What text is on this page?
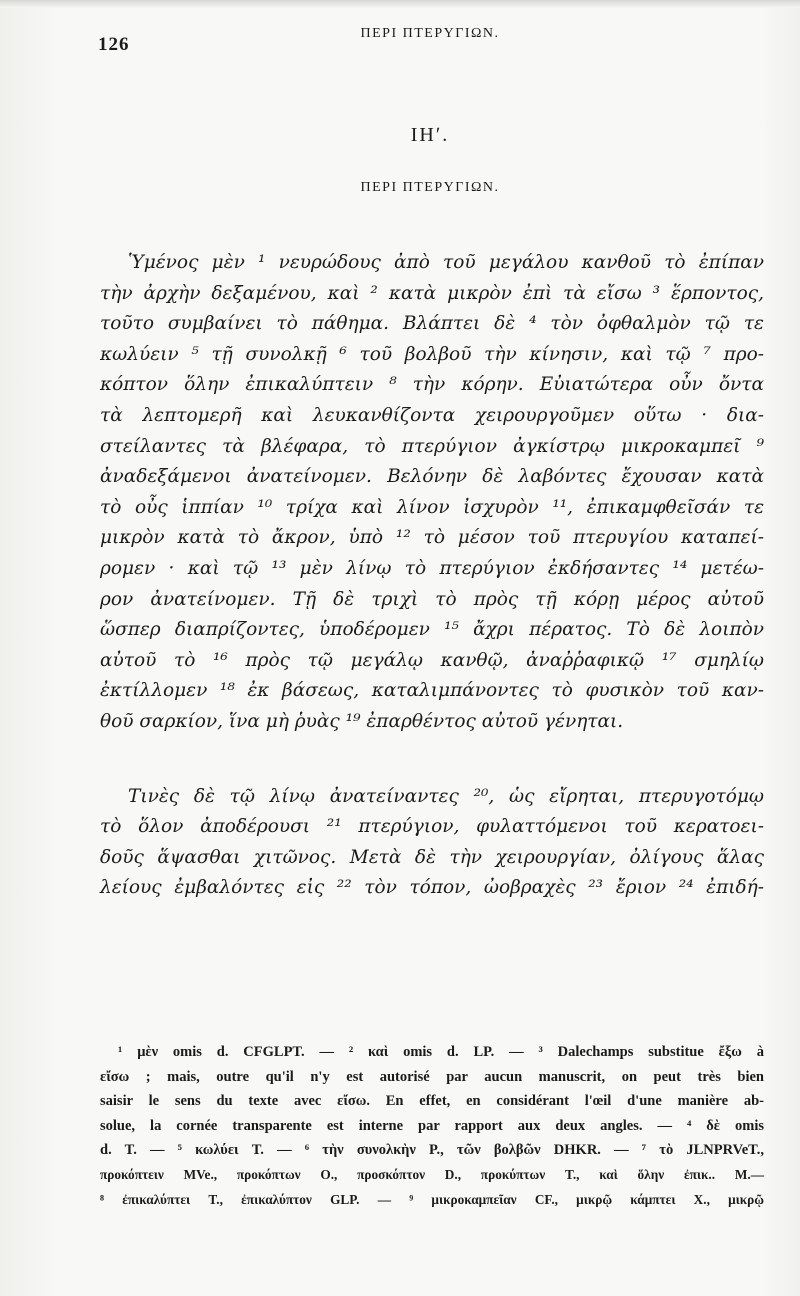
126
ΠΕΡΙ ΠΤΕΡΥΓΙΩΝ.
ΙΗʹ.
ΠΕΡΙ ΠΤΕΡΥΓΙΩΝ.

Ὑμένος μὲν ¹ νευρώδους ἀπὸ τοῦ μεγάλου κανθοῦ τὸ ἐπίπαν
τὴν ἀρχὴν δεξαμένου, καὶ ² κατὰ μικρὸν ἐπὶ τὰ εἴσω ³ ἕρποντος,
τοῦτο συμβαίνει τὸ πάθημα. Βλάπτει δὲ ⁴ τὸν ὀφθαλμὸν τῷ τε
κωλύειν ⁵ τῇ συνολκῇ ⁶ τοῦ βολβοῦ τὴν κίνησιν, καὶ τῷ ⁷ προ-
κόπτον ὅλην ἐπικαλύπτειν ⁸ τὴν κόρην. Εὐιατώτερα οὖν ὄντα
τὰ λεπτομερῆ καὶ λευκανθίζοντα χειρουργοῦμεν οὕτω · δια-
στείλαντες τὰ βλέφαρα, τὸ πτερύγιον ἀγκίστρῳ μικροκαμπεῖ ⁹
ἀναδεξάμενοι ἀνατείνομεν. Βελόνην δὲ λαβόντες ἔχουσαν κατὰ
τὸ οὖς ἱππίαν ¹⁰ τρίχα καὶ λίνον ἰσχυρὸν ¹¹, ἐπικαμφθεῖσάν τε
μικρὸν κατὰ τὸ ἄκρον, ὑπὸ ¹² τὸ μέσον τοῦ πτερυγίου καταπεί-
ρομεν · καὶ τῷ ¹³ μὲν λίνῳ τὸ πτερύγιον ἐκδήσαντες ¹⁴ μετέω-
ρον ἀνατείνομεν. Τῇ δὲ τριχὶ τὸ πρὸς τῇ κόρῃ μέρος αὐτοῦ
ὥσπερ διαπρίζοντες, ὑποδέρομεν ¹⁵ ἄχρι πέρατος. Τὸ δὲ λοιπὸν
αὐτοῦ τὸ ¹⁶ πρὸς τῷ μεγάλῳ κανθῷ, ἀναῤῥαφικῷ ¹⁷ σμηλίῳ
ἐκτίλλομεν ¹⁸ ἐκ βάσεως, καταλιμπάνοντες τὸ φυσικὸν τοῦ καν-
θοῦ σαρκίον, ἵνα μὴ ῥυὰς ¹⁹ ἐπαρθέντος αὐτοῦ γένηται.

Τινὲς δὲ τῷ λίνῳ ἀνατείναντες ²⁰, ὡς εἴρηται, πτερυγοτόμῳ
τὸ ὅλον ἀποδέρουσι ²¹ πτερύγιον, φυλαττόμενοι τοῦ κερατοει-
δοῦς ἅψασθαι χιτῶνος. Μετὰ δὲ τὴν χειρουργίαν, ὀλίγους ἅλας
λείους ἐμβαλόντες εἰς ²² τὸν τόπον, ὠοβραχὲς ²³ ἔριον ²⁴ ἐπιδή-

¹ μὲν omis d. CFGLPT. — ² καὶ omis d. LP. — ³ Dalechamps substitue ἔξω à
εἴσω ; mais, outre qu'il n'y est autorisé par aucun manuscrit, on peut très bien
saisir le sens du texte avec εἴσω. En effet, en considérant l'œil d'une manière ab-
solue, la cornée transparente est interne par rapport aux deux angles. — ⁴ δὲ omis
d. T. — ⁵ κωλύει T. — ⁶ τὴν συνολκὴν P., τῶν βολβῶν DHKR. — ⁷ τὸ JLNPRVeT.,
προκόπτειν MVe., προκόπτων O., προσκόπτον D., προκύπτων T., καὶ ὅλην ἐπικ.. M.—
⁸ ἐπικαλύπτει T., ἐπικαλύπτον GLP. — ⁹ μικροκαμπεῖαν CF., μικρῷ κάμπτει X., μικρῷ
